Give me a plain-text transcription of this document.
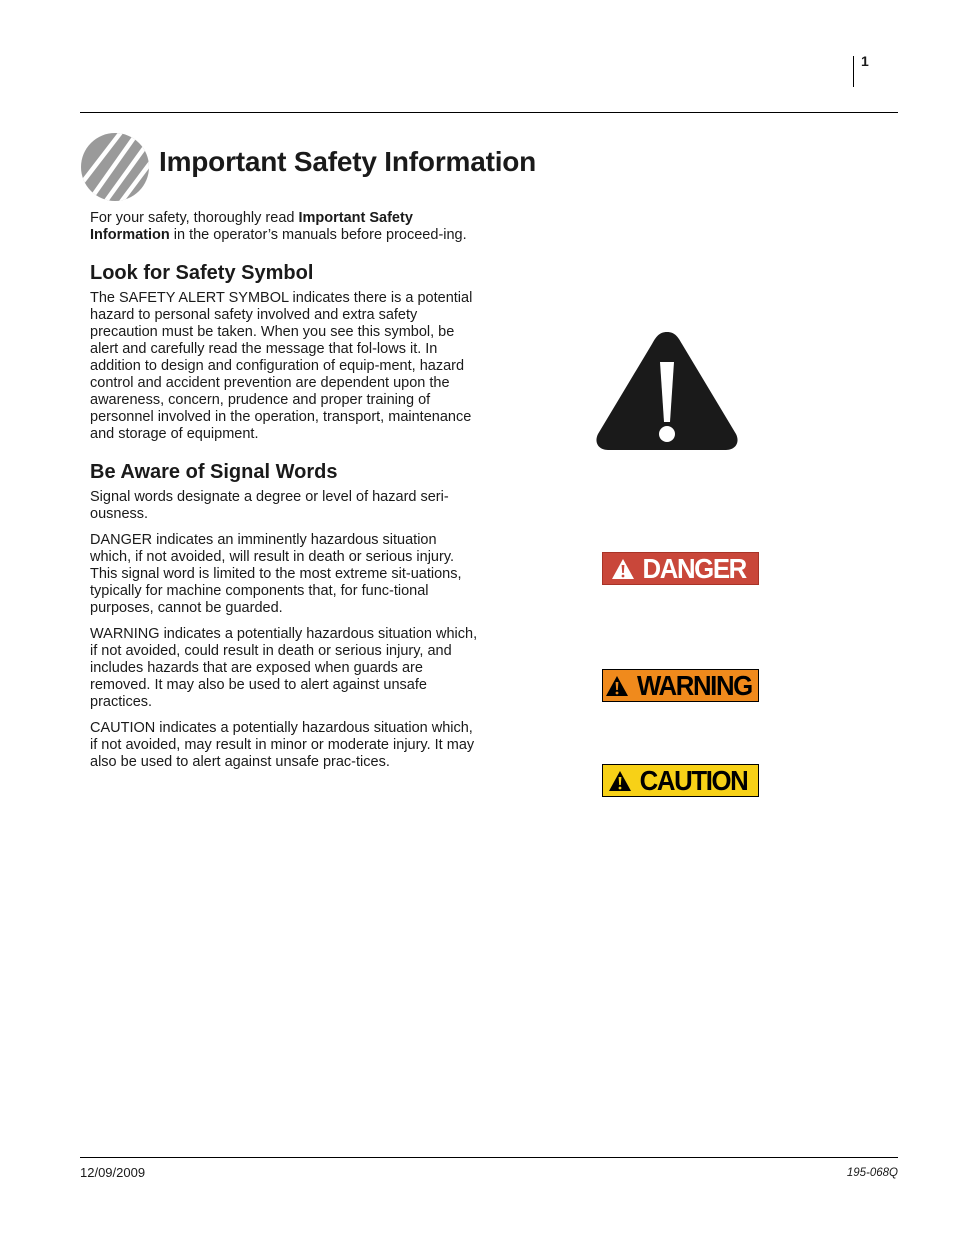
1
Important Safety Information

For your safety, thoroughly read Important Safety Information in the operator’s manuals before proceed-ing.

Look for Safety Symbol

The SAFETY ALERT SYMBOL indicates there is a potential hazard to personal safety involved and extra safety precaution must be taken. When you see this symbol, be alert and carefully read the message that fol-lows it. In addition to design and configuration of equip-ment, hazard control and accident prevention are dependent upon the awareness, concern, prudence and proper training of personnel involved in the operation, transport, maintenance and storage of equipment.

Be Aware of Signal Words

Signal words designate a degree or level of hazard seri-ousness.

DANGER indicates an imminently hazardous situation which, if not avoided, will result in death or serious injury. This signal word is limited to the most extreme sit-uations, typically for machine components that, for func-tional purposes, cannot be guarded.

WARNING indicates a potentially hazardous situation which, if not avoided, could result in death or serious injury, and includes hazards that are exposed when guards are removed. It may also be used to alert against unsafe practices.

CAUTION indicates a potentially hazardous situation which, if not avoided, may result in minor or moderate injury. It may also be used to alert against unsafe prac-tices.

DANGER
WARNING
CAUTION
12/09/2009	195-068Q
